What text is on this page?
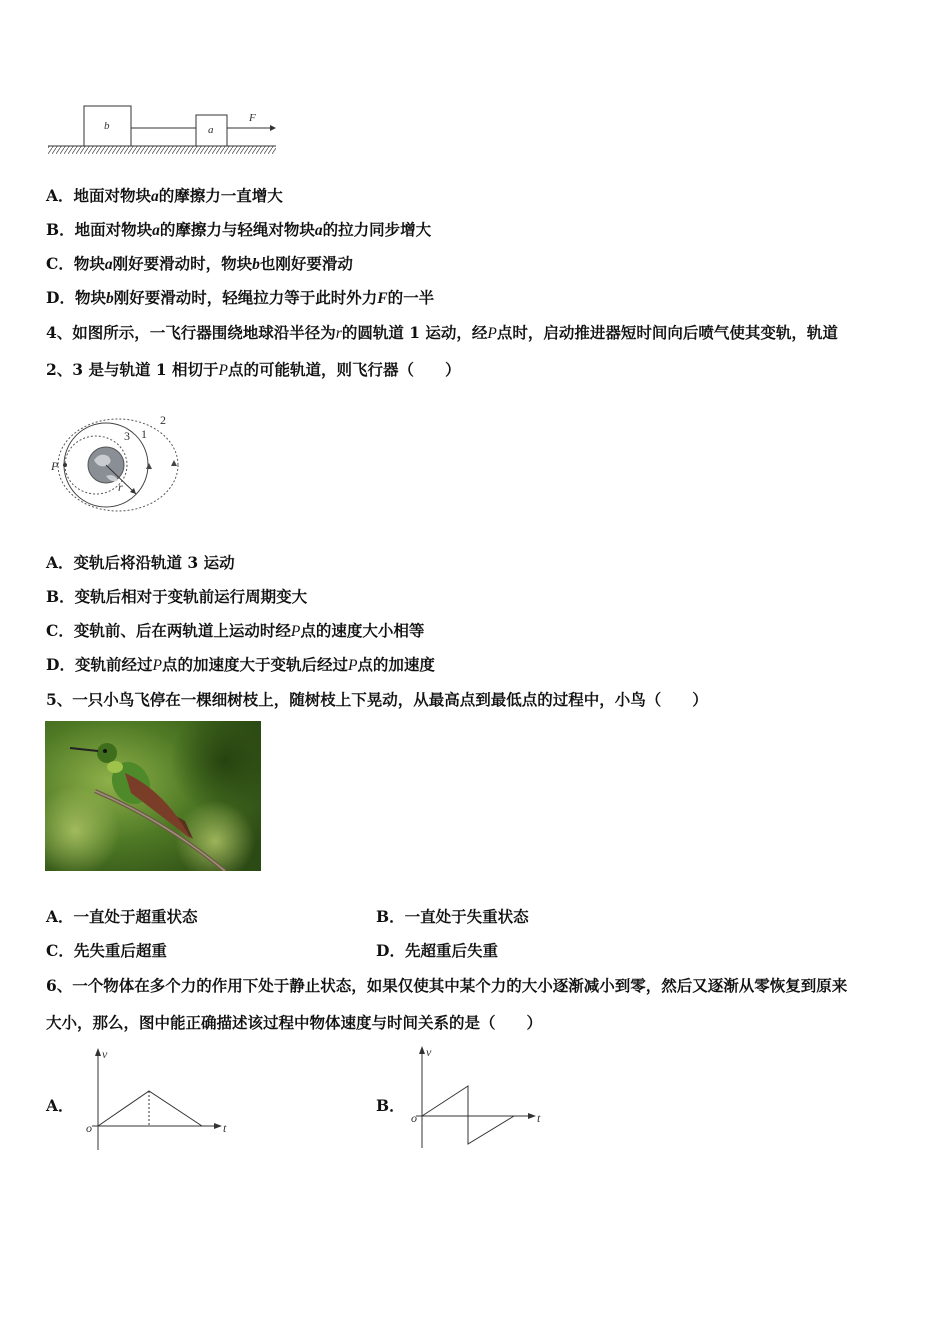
b	a
F
A．地面对物块a的摩擦力一直增大
B．地面对物块a的摩擦力与轻绳对物块a的拉力同步增大
C．物块a刚好要滑动时，物块b也刚好要滑动
D．物块b刚好要滑动时，轻绳拉力等于此时外力F的一半
4、如图所示，一飞行器围绕地球沿半径为r的圆轨道 1 运动，经P点时，启动推进器短时间向后喷气使其变轨，轨道
2、3 是与轨道 1 相切于P点的可能轨道，则飞行器（　　）
P
3 1
2
r
A．变轨后将沿轨道 3 运动
B．变轨后相对于变轨前运行周期变大
C．变轨前、后在两轨道上运动时经P点的速度大小相等
D．变轨前经过P点的加速度大于变轨后经过P点的加速度
5、一只小鸟飞停在一棵细树枝上，随树枝上下晃动，从最高点到最低点的过程中，小鸟（　　）
A．一直处于超重状态	B．一直处于失重状态
C．先失重后超重	D．先超重后失重
6、一个物体在多个力的作用下处于静止状态，如果仅使其中某个力的大小逐渐减小到零，然后又逐渐从零恢复到原来
大小，那么，图中能正确描述该过程中物体速度与时间关系的是（　　）
A．
v
t
o
B．
v
t
o
